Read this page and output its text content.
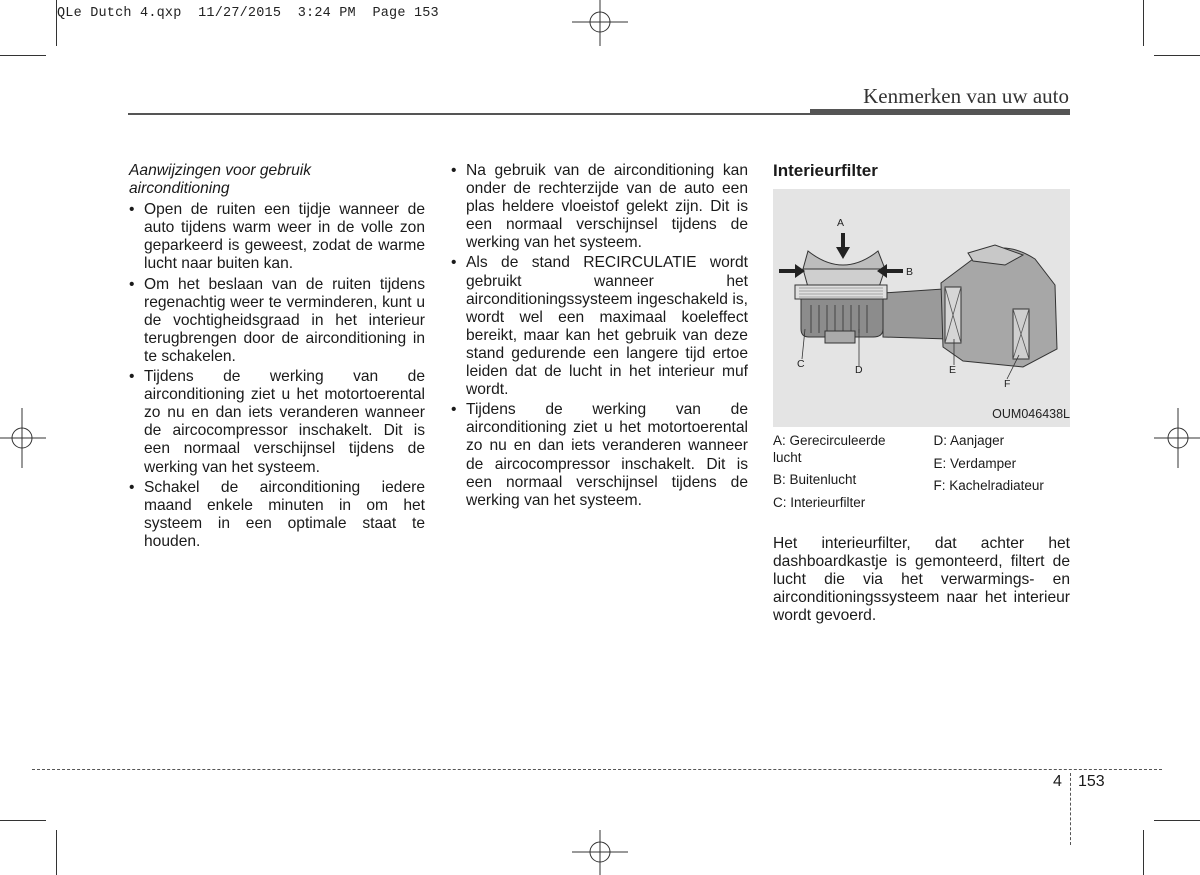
QLe Dutch 4.qxp  11/27/2015  3:24 PM  Page 153
Kenmerken van uw auto
Aanwijzingen voor gebruik
airconditioning
• Open de ruiten een tijdje wanneer de auto tijdens warm weer in de volle zon geparkeerd is geweest, zodat de warme lucht naar buiten kan.
• Om het beslaan van de ruiten tijdens regenachtig weer te verminderen, kunt u de vochtigheidsgraad in het interieur terugbrengen door de airconditioning in te schakelen.
• Tijdens de werking van de airconditioning ziet u het motortoerental zo nu en dan iets veranderen wanneer de aircocompressor inschakelt. Dit is een normaal verschijnsel tijdens de werking van het systeem.
• Schakel de airconditioning iedere maand enkele minuten in om het systeem in een optimale staat te houden.
• Na gebruik van de airconditioning kan onder de rechterzijde van de auto een plas heldere vloeistof gelekt zijn. Dit is een normaal verschijnsel tijdens de werking van het systeem.
• Als de stand RECIRCULATIE wordt gebruikt wanneer het airconditioningssysteem ingeschakeld is, wordt wel een maximaal koeleffect bereikt, maar kan het gebruik van deze stand gedurende een langere tijd ertoe leiden dat de lucht in het interieur muf wordt.
• Tijdens de werking van de airconditioning ziet u het motortoerental zo nu en dan iets veranderen wanneer de aircocompressor inschakelt. Dit is een normaal verschijnsel tijdens de werking van het systeem.
Interieurfilter
A
B
C	D	E
F
OUM046438L
A: Gerecirculeerde lucht
B: Buitenlucht
C: Interieurfilter
D: Aanjager
E: Verdamper
F: Kachelradiateur
Het interieurfilter, dat achter het dashboardkastje is gemonteerd, filtert de lucht die via het verwarmings- en airconditioningssysteem naar het interieur wordt gevoerd.
4 153
